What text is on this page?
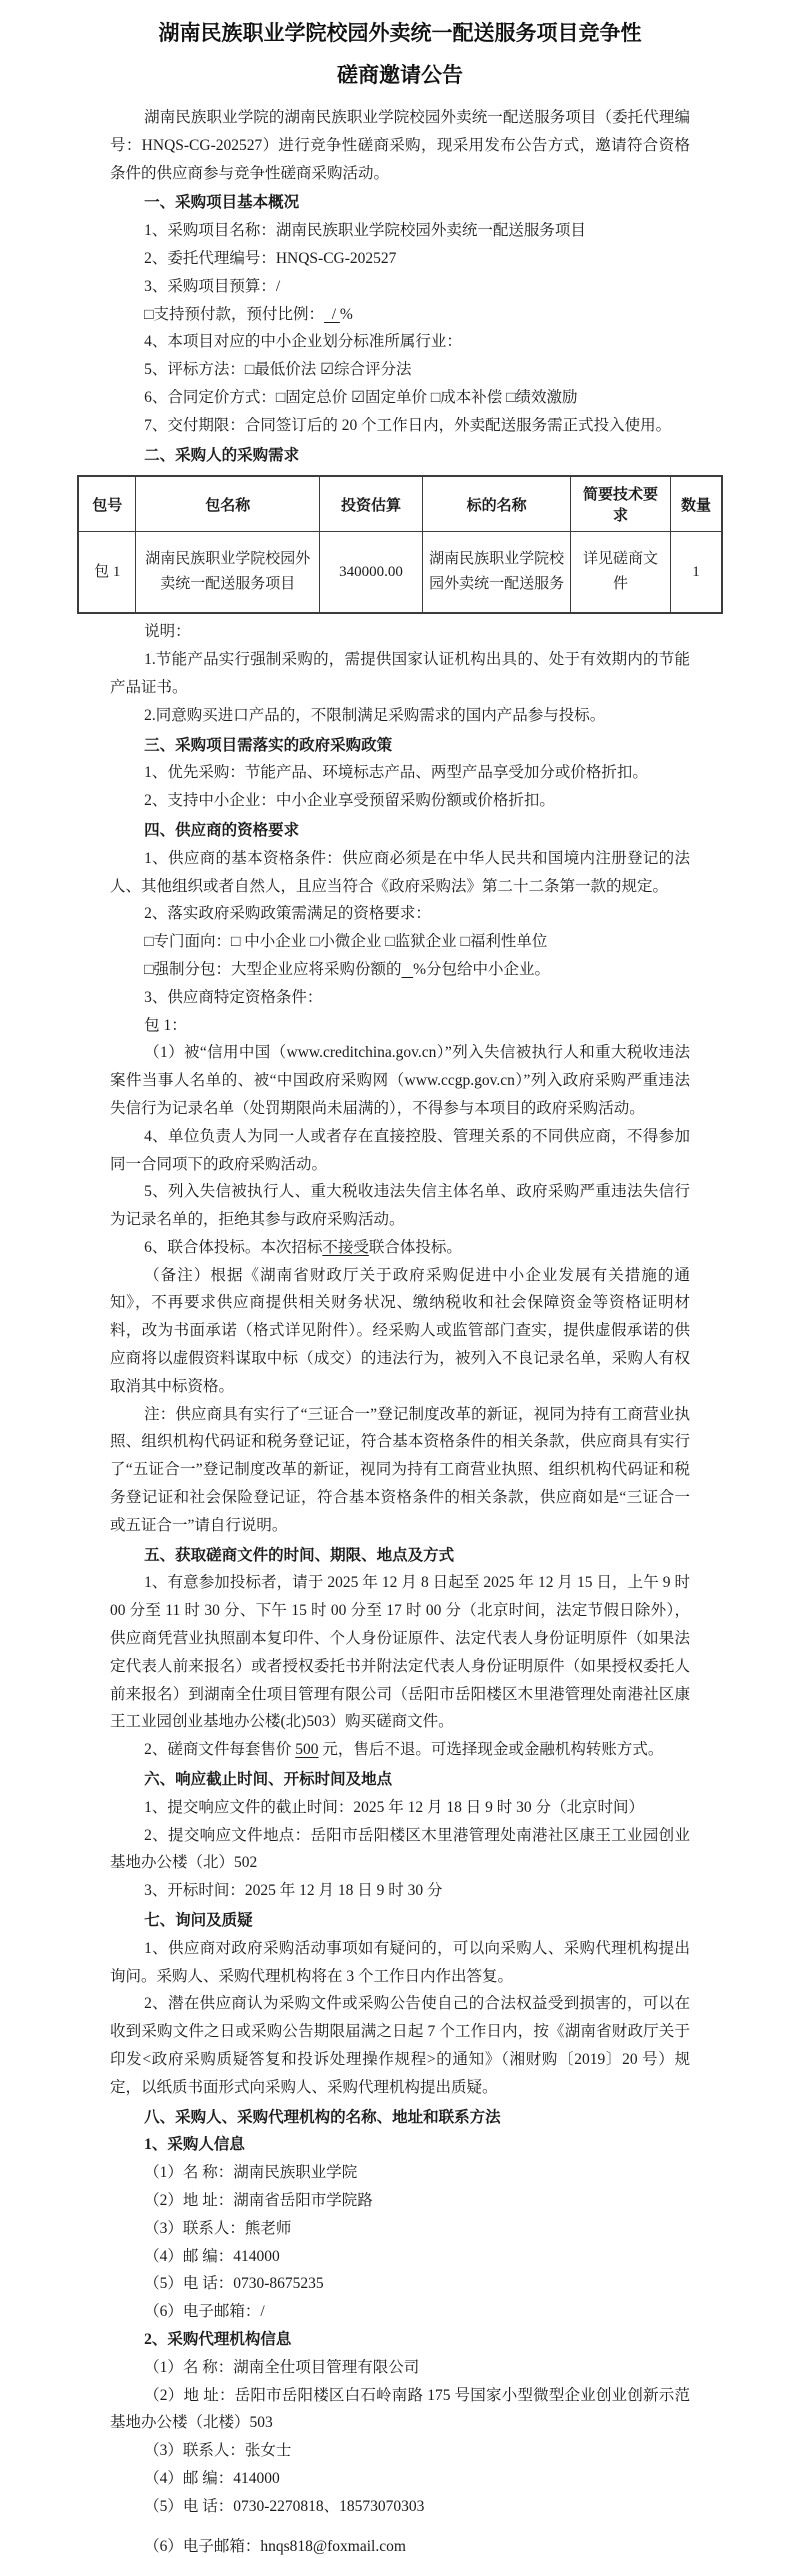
湖南民族职业学院校园外卖统一配送服务项目竞争性
磋商邀请公告

湖南民族职业学院的湖南民族职业学院校园外卖统一配送服务项目（委托代理编号：HNQS-CG-202527）进行竞争性磋商采购，现采用发布公告方式，邀请符合资格条件的供应商参与竞争性磋商采购活动。

一、采购项目基本概况

1、采购项目名称：湖南民族职业学院校园外卖统一配送服务项目

2、委托代理编号：HNQS-CG-202527

3、采购项目预算：/

□支持预付款，预付比例：  / %

4、本项目对应的中小企业划分标准所属行业：

5、评标方法：□最低价法 ☑综合评分法

6、合同定价方式：□固定总价 ☑固定单价 □成本补偿 □绩效激励

7、交付期限：合同签订后的 20 个工作日内，外卖配送服务需正式投入使用。

二、采购人的采购需求

包号	包名称	投资估算	标的名称	简要技术要求	数量
包 1	湖南民族职业学院校园外卖统一配送服务项目	340000.00	湖南民族职业学院校园外卖统一配送服务	详见磋商文件	1

说明：

1.节能产品实行强制采购的，需提供国家认证机构出具的、处于有效期内的节能产品证书。

2.同意购买进口产品的，不限制满足采购需求的国内产品参与投标。

三、采购项目需落实的政府采购政策

1、优先采购：节能产品、环境标志产品、两型产品享受加分或价格折扣。

2、支持中小企业：中小企业享受预留采购份额或价格折扣。

四、供应商的资格要求

1、供应商的基本资格条件：供应商必须是在中华人民共和国境内注册登记的法人、其他组织或者自然人，且应当符合《政府采购法》第二十二条第一款的规定。

2、落实政府采购政策需满足的资格要求：

□专门面向：□ 中小企业 □小微企业 □监狱企业 □福利性单位

□强制分包：大型企业应将采购份额的 %分包给中小企业。

3、供应商特定资格条件：

包 1：

（1）被“信用中国（www.creditchina.gov.cn）”列入失信被执行人和重大税收违法案件当事人名单的、被“中国政府采购网（www.ccgp.gov.cn）”列入政府采购严重违法失信行为记录名单（处罚期限尚未届满的），不得参与本项目的政府采购活动。

4、单位负责人为同一人或者存在直接控股、管理关系的不同供应商，不得参加同一合同项下的政府采购活动。

5、列入失信被执行人、重大税收违法失信主体名单、政府采购严重违法失信行为记录名单的，拒绝其参与政府采购活动。

6、联合体投标。本次招标不接受联合体投标。

（备注）根据《湖南省财政厅关于政府采购促进中小企业发展有关措施的通知》，不再要求供应商提供相关财务状况、缴纳税收和社会保障资金等资格证明材料，改为书面承诺（格式详见附件）。经采购人或监管部门查实，提供虚假承诺的供应商将以虚假资料谋取中标（成交）的违法行为，被列入不良记录名单，采购人有权取消其中标资格。

注：供应商具有实行了“三证合一”登记制度改革的新证，视同为持有工商营业执照、组织机构代码证和税务登记证，符合基本资格条件的相关条款，供应商具有实行了“五证合一”登记制度改革的新证，视同为持有工商营业执照、组织机构代码证和税务登记证和社会保险登记证，符合基本资格条件的相关条款，供应商如是“三证合一或五证合一”请自行说明。

五、获取磋商文件的时间、期限、地点及方式

1、有意参加投标者，请于 2025 年 12 月 8 日起至 2025 年 12 月 15 日，上午 9 时 00 分至 11 时 30 分、下午 15 时 00 分至 17 时 00 分（北京时间，法定节假日除外），供应商凭营业执照副本复印件、个人身份证原件、法定代表人身份证明原件（如果法定代表人前来报名）或者授权委托书并附法定代表人身份证明原件（如果授权委托人前来报名）到湖南全仕项目管理有限公司（岳阳市岳阳楼区木里港管理处南港社区康王工业园创业基地办公楼(北)503）购买磋商文件。

2、磋商文件每套售价 500 元，售后不退。可选择现金或金融机构转账方式。

六、响应截止时间、开标时间及地点

1、提交响应文件的截止时间：2025 年 12 月 18 日 9 时 30 分（北京时间）

2、提交响应文件地点：岳阳市岳阳楼区木里港管理处南港社区康王工业园创业基地办公楼（北）502

3、开标时间：2025 年 12 月 18 日 9 时 30 分

七、询问及质疑

1、供应商对政府采购活动事项如有疑问的，可以向采购人、采购代理机构提出询问。采购人、采购代理机构将在 3 个工作日内作出答复。

2、潜在供应商认为采购文件或采购公告使自己的合法权益受到损害的，可以在收到采购文件之日或采购公告期限届满之日起 7 个工作日内，按《湖南省财政厅关于印发<政府采购质疑答复和投诉处理操作规程>的通知》（湘财购〔2019〕20 号）规定，以纸质书面形式向采购人、采购代理机构提出质疑。

八、采购人、采购代理机构的名称、地址和联系方法

1、采购人信息

（1）名 称：湖南民族职业学院

（2）地 址：湖南省岳阳市学院路

（3）联系人：熊老师

（4）邮 编：414000

（5）电 话：0730-8675235

（6）电子邮箱：/

2、采购代理机构信息

（1）名 称：湖南全仕项目管理有限公司

（2）地 址：岳阳市岳阳楼区白石岭南路 175 号国家小型微型企业创业创新示范基地办公楼（北楼）503

（3）联系人：张女士

（4）邮 编：414000

（5）电 话：0730-2270818、18573070303

（6）电子邮箱：hnqs818@foxmail.com
